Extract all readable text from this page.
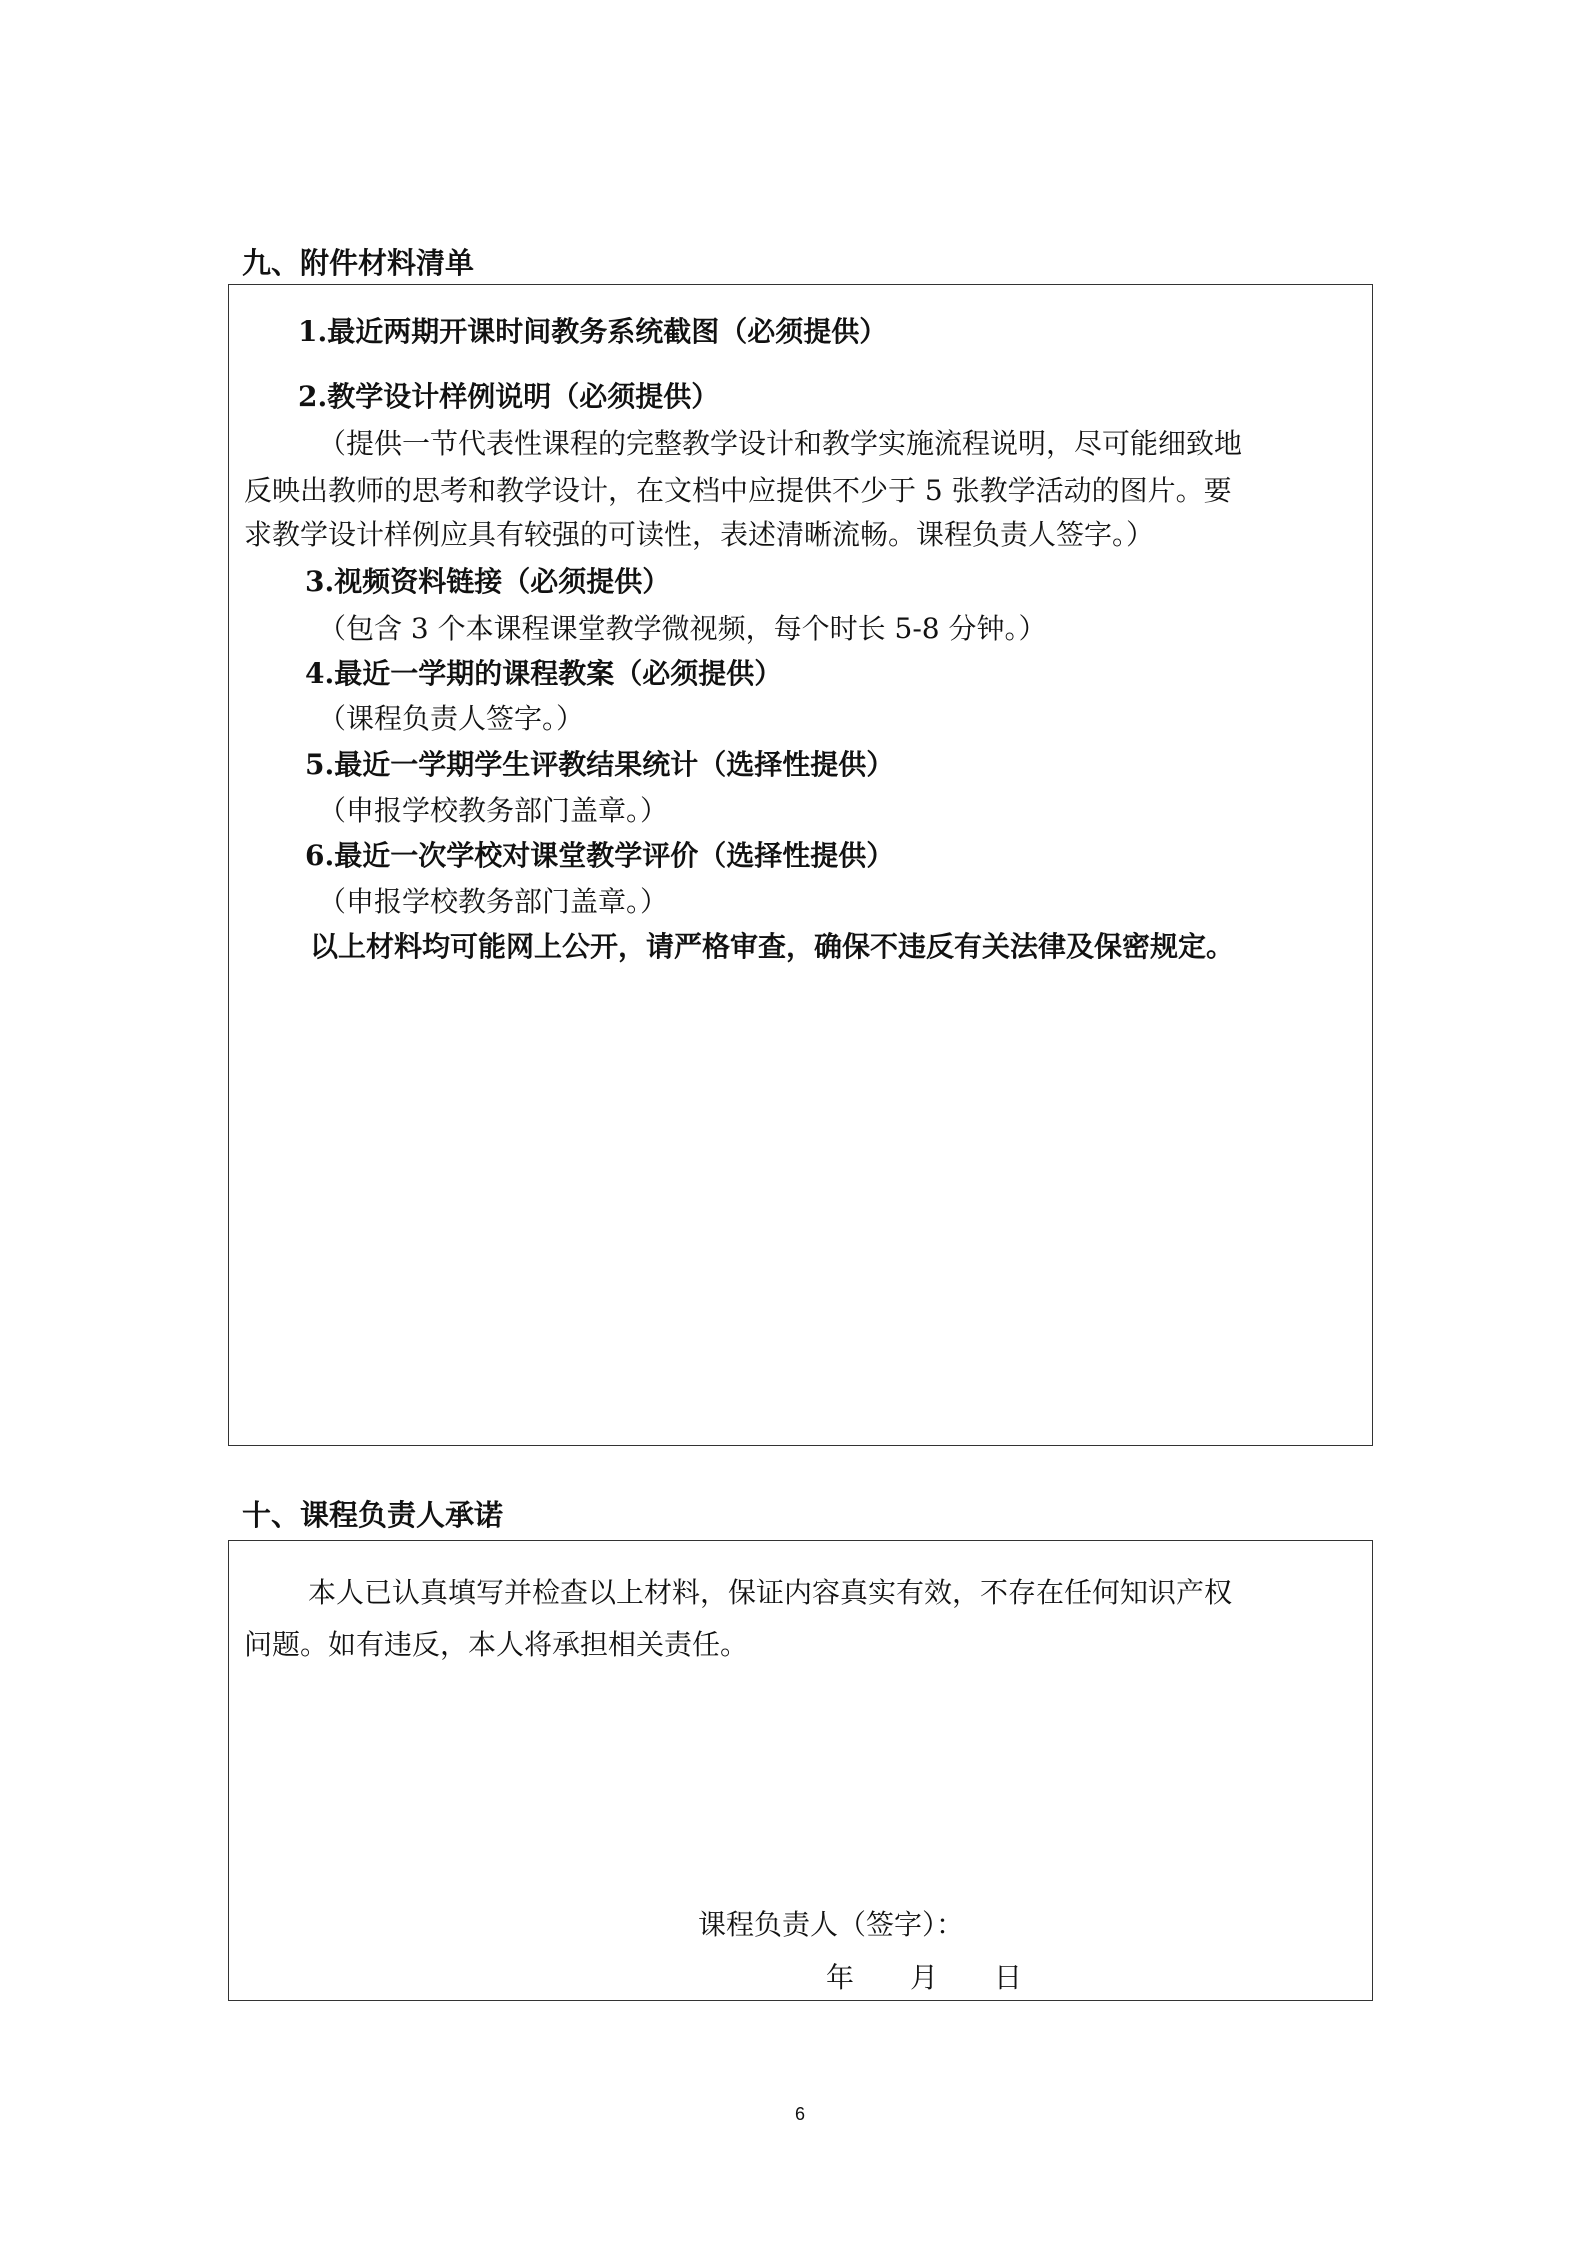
九、附件材料清单
1.最近两期开课时间教务系统截图（必须提供）
2.教学设计样例说明（必须提供）
（提供一节代表性课程的完整教学设计和教学实施流程说明，尽可能细致地
反映出教师的思考和教学设计，在文档中应提供不少于 5 张教学活动的图片。要
求教学设计样例应具有较强的可读性，表述清晰流畅。课程负责人签字。）
3.视频资料链接（必须提供）
（包含 3 个本课程课堂教学微视频，每个时长 5-8 分钟。）
4.最近一学期的课程教案（必须提供）
（课程负责人签字。）
5.最近一学期学生评教结果统计（选择性提供）
（申报学校教务部门盖章。）
6.最近一次学校对课堂教学评价（选择性提供）
（申报学校教务部门盖章。）
以上材料均可能网上公开，请严格审查，确保不违反有关法律及保密规定。
十、课程负责人承诺
本人已认真填写并检查以上材料，保证内容真实有效，不存在任何知识产权
问题。如有违反，本人将承担相关责任。
课程负责人（签字）：
年　　月　　日
6
